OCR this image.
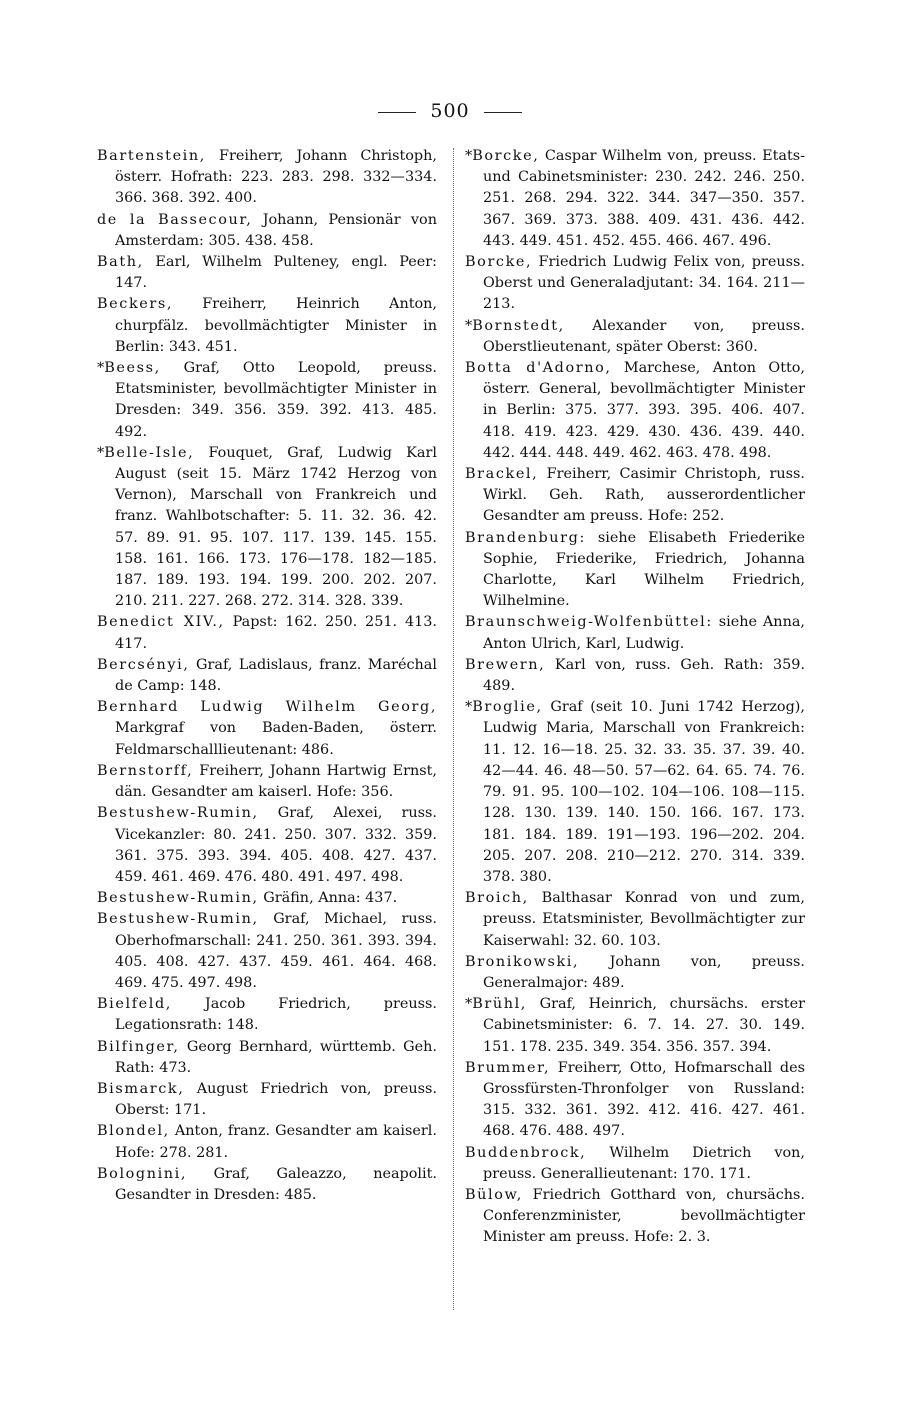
500

Bartenstein, Freiherr, Johann Christoph, österr. Hofrath: 223. 283. 298. 332—334. 366. 368. 392. 400.

de la Bassecour, Johann, Pensionär von Amsterdam: 305. 438. 458.

Bath, Earl, Wilhelm Pulteney, engl. Peer: 147.

Beckers, Freiherr, Heinrich Anton, churpfälz. bevollmächtigter Minister in Berlin: 343. 451.

*Beess, Graf, Otto Leopold, preuss. Etatsminister, bevollmächtigter Minister in Dresden: 349. 356. 359. 392. 413. 485. 492.

*Belle-Isle, Fouquet, Graf, Ludwig Karl August (seit 15. März 1742 Herzog von Vernon), Marschall von Frankreich und franz. Wahlbotschafter: 5. 11. 32. 36. 42. 57. 89. 91. 95. 107. 117. 139. 145. 155. 158. 161. 166. 173. 176—178. 182—185. 187. 189. 193. 194. 199. 200. 202. 207. 210. 211. 227. 268. 272. 314. 328. 339.

Benedict XIV., Papst: 162. 250. 251. 413. 417.

Bercsényi, Graf, Ladislaus, franz. Maréchal de Camp: 148.

Bernhard Ludwig Wilhelm Georg, Markgraf von Baden-Baden, österr. Feldmarschalllieutenant: 486.

Bernstorff, Freiherr, Johann Hartwig Ernst, dän. Gesandter am kaiserl. Hofe: 356.

Bestushew-Rumin, Graf, Alexei, russ. Vicekanzler: 80. 241. 250. 307. 332. 359. 361. 375. 393. 394. 405. 408. 427. 437. 459. 461. 469. 476. 480. 491. 497. 498.

Bestushew-Rumin, Gräfin, Anna: 437.

Bestushew-Rumin, Graf, Michael, russ. Oberhofmarschall: 241. 250. 361. 393. 394. 405. 408. 427. 437. 459. 461. 464. 468. 469. 475. 497. 498.

Bielfeld, Jacob Friedrich, preuss. Legationsrath: 148.

Bilfinger, Georg Bernhard, württemb. Geh. Rath: 473.

Bismarck, August Friedrich von, preuss. Oberst: 171.

Blondel, Anton, franz. Gesandter am kaiserl. Hofe: 278. 281.

Bolognini, Graf, Galeazzo, neapolit. Gesandter in Dresden: 485.

*Borcke, Caspar Wilhelm von, preuss. Etats- und Cabinetsminister: 230. 242. 246. 250. 251. 268. 294. 322. 344. 347—350. 357. 367. 369. 373. 388. 409. 431. 436. 442. 443. 449. 451. 452. 455. 466. 467. 496.

Borcke, Friedrich Ludwig Felix von, preuss. Oberst und Generaladjutant: 34. 164. 211—213.

*Bornstedt, Alexander von, preuss. Oberstlieutenant, später Oberst: 360.

Botta d'Adorno, Marchese, Anton Otto, österr. General, bevollmächtigter Minister in Berlin: 375. 377. 393. 395. 406. 407. 418. 419. 423. 429. 430. 436. 439. 440. 442. 444. 448. 449. 462. 463. 478. 498.

Brackel, Freiherr, Casimir Christoph, russ. Wirkl. Geh. Rath, ausserordentlicher Gesandter am preuss. Hofe: 252.

Brandenburg: siehe Elisabeth Friederike Sophie, Friederike, Friedrich, Johanna Charlotte, Karl Wilhelm Friedrich, Wilhelmine.

Braunschweig-Wolfenbüttel: siehe Anna, Anton Ulrich, Karl, Ludwig.

Brewern, Karl von, russ. Geh. Rath: 359. 489.

*Broglie, Graf (seit 10. Juni 1742 Herzog), Ludwig Maria, Marschall von Frankreich: 11. 12. 16—18. 25. 32. 33. 35. 37. 39. 40. 42—44. 46. 48—50. 57—62. 64. 65. 74. 76. 79. 91. 95. 100—102. 104—106. 108—115. 128. 130. 139. 140. 150. 166. 167. 173. 181. 184. 189. 191—193. 196—202. 204. 205. 207. 208. 210—212. 270. 314. 339. 378. 380.

Broich, Balthasar Konrad von und zum, preuss. Etatsminister, Bevollmächtigter zur Kaiserwahl: 32. 60. 103.

Bronikowski, Johann von, preuss. Generalmajor: 489.

*Brühl, Graf, Heinrich, chursächs. erster Cabinetsminister: 6. 7. 14. 27. 30. 149. 151. 178. 235. 349. 354. 356. 357. 394.

Brummer, Freiherr, Otto, Hofmarschall des Grossfürsten-Thronfolger von Russland: 315. 332. 361. 392. 412. 416. 427. 461. 468. 476. 488. 497.

Buddenbrock, Wilhelm Dietrich von, preuss. Generallieutenant: 170. 171.

Bülow, Friedrich Gotthard von, chursächs. Conferenzminister, bevollmächtigter Minister am preuss. Hofe: 2. 3.
